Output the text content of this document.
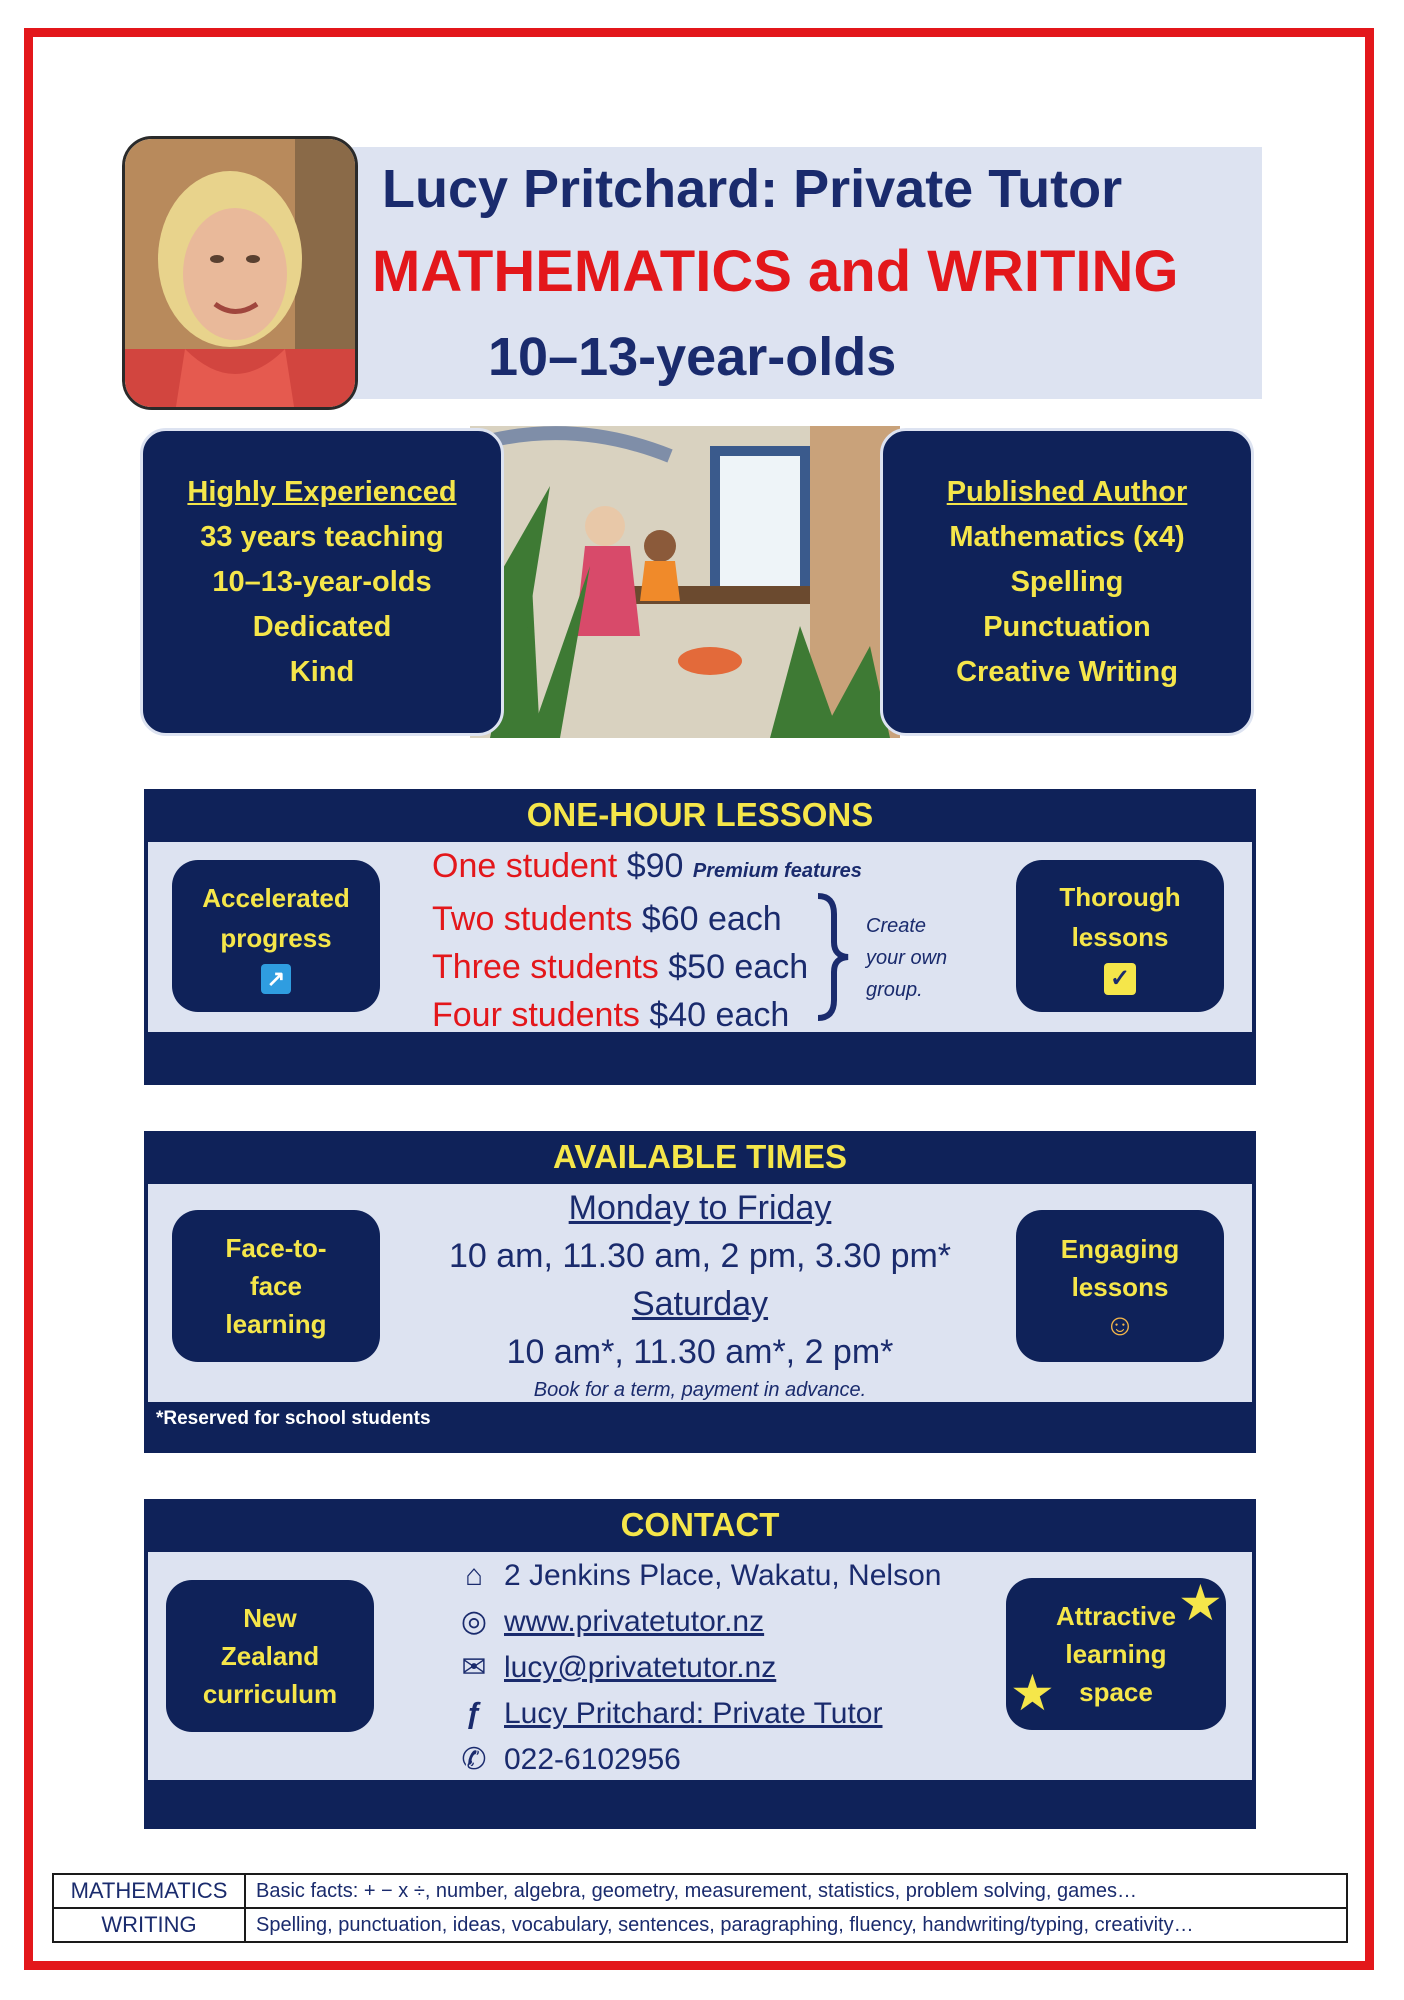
Lucy Pritchard: Private Tutor
MATHEMATICS and WRITING
10–13-year-olds
Highly Experienced
33 years teaching
10–13-year-olds
Dedicated
Kind
Published Author
Mathematics (x4)
Spelling
Punctuation
Creative Writing
ONE-HOUR LESSONS
Accelerated
progress
↗
Thorough
lessons
✓
One student $90 Premium features
Two students $60 each
Three students $50 each
Four students $40 each
Create
your own
group.
AVAILABLE TIMES
Face-to-
face
learning
Engaging
lessons
☺
Monday to Friday
10 am, 11.30 am, 2 pm, 3.30 pm*
Saturday
10 am*, 11.30 am*, 2 pm*
Book for a term, payment in advance.
*Reserved for school students
CONTACT
New
Zealand
curriculum
Attractive
learning
space
★
★
⌂ 2 Jenkins Place, Wakatu, Nelson
◎ www.privatetutor.nz
✉ lucy@privatetutor.nz
ƒ Lucy Pritchard: Private Tutor
✆ 022-6102956
MATHEMATICS	Basic facts: + − x ÷, number, algebra, geometry, measurement, statistics, problem solving, games…
WRITING	Spelling, punctuation, ideas, vocabulary, sentences, paragraphing, fluency, handwriting/typing, creativity…
